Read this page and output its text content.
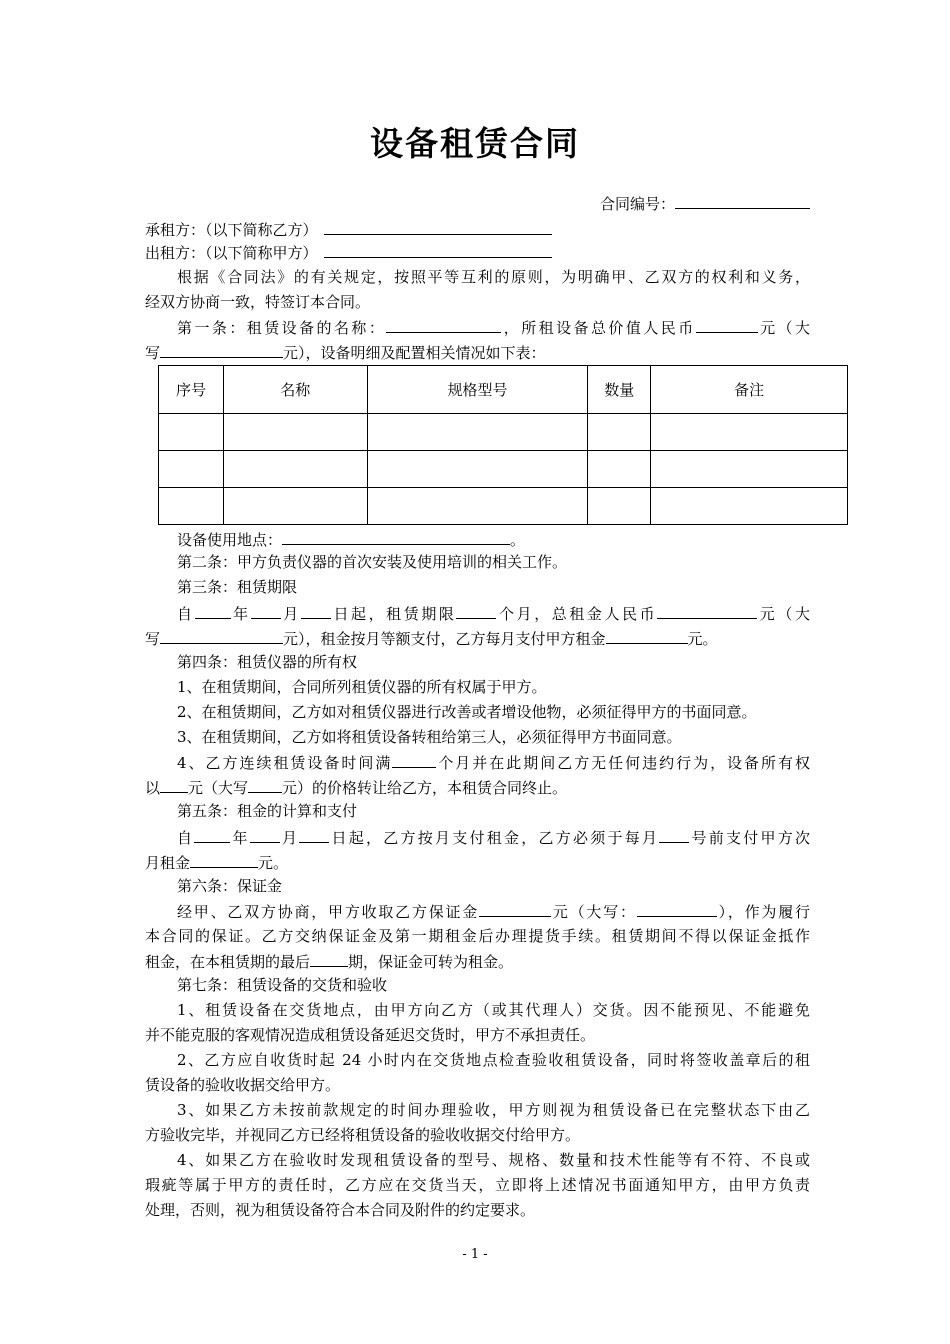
设备租赁合同
合同编号：
承租方：（以下简称乙方）
出租方：（以下简称甲方）
根据《合同法》的有关规定，按照平等互利的原则，为明确甲、乙双方的权利和义务，
经双方协商一致，特签订本合同。
第一条：租赁设备的名称：	，所租设备总价值人民币	元（大
写	元），设备明细及配置相关情况如下表：
序号	名称	规格型号	数量	备注

设备使用地点：	。
第二条：甲方负责仪器的首次安装及使用培训的相关工作。
第三条：租赁期限
自 年 月 日起，租赁期限	个月，总租金人民币	元（大
写	元），租金按月等额支付，乙方每月支付甲方租金	元。
第四条：租赁仪器的所有权
1、在租赁期间，合同所列租赁仪器的所有权属于甲方。
2、在租赁期间，乙方如对租赁仪器进行改善或者增设他物，必须征得甲方的书面同意。
3、在租赁期间，乙方如将租赁设备转租给第三人，必须征得甲方书面同意。
4、乙方连续租赁设备时间满	个月并在此期间乙方无任何违约行为，设备所有权
以 元（大写 元）的价格转让给乙方，本租赁合同终止。
第五条：租金的计算和支付
自 年 月 日起，乙方按月支付租金，乙方必须于每月 号前支付甲方次
月租金	元。
第六条：保证金
经甲、乙双方协商，甲方收取乙方保证金	元（大写：	），作为履行
本合同的保证。乙方交纳保证金及第一期租金后办理提货手续。租赁期间不得以保证金抵作
租金，在本租赁期的最后	期，保证金可转为租金。
第七条：租赁设备的交货和验收
1、租赁设备在交货地点，由甲方向乙方（或其代理人）交货。因不能预见、不能避免
并不能克服的客观情况造成租赁设备延迟交货时，甲方不承担责任。
2、乙方应自收货时起 24 小时内在交货地点检查验收租赁设备，同时将签收盖章后的租
赁设备的验收收据交给甲方。
3、如果乙方未按前款规定的时间办理验收，甲方则视为租赁设备已在完整状态下由乙
方验收完毕，并视同乙方已经将租赁设备的验收收据交付给甲方。
4、如果乙方在验收时发现租赁设备的型号、规格、数量和技术性能等有不符、不良或
瑕疵等属于甲方的责任时，乙方应在交货当天，立即将上述情况书面通知甲方，由甲方负责
处理，否则，视为租赁设备符合本合同及附件的约定要求。
- 1 -
